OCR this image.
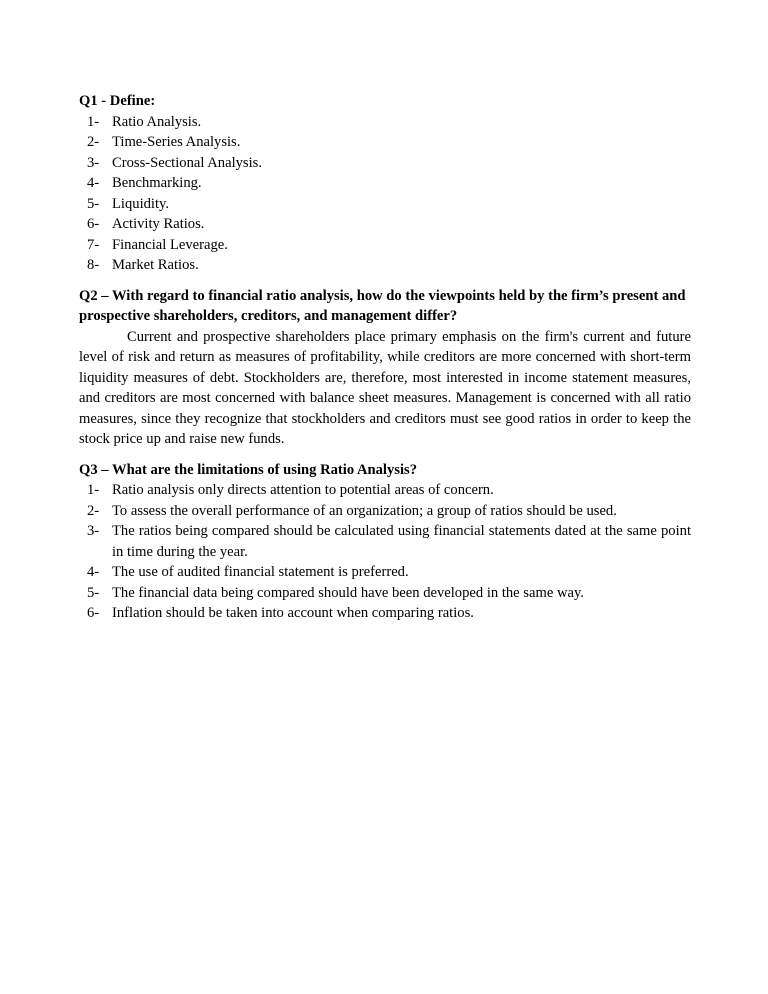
Q1 - Define:

1- Ratio Analysis.
2- Time-Series Analysis.
3- Cross-Sectional Analysis.
4- Benchmarking.
5- Liquidity.
6- Activity Ratios.
7- Financial Leverage.
8- Market Ratios.

Q2 – With regard to financial ratio analysis, how do the viewpoints held by the firm’s present and prospective shareholders, creditors, and management differ?

Current and prospective shareholders place primary emphasis on the firm's current and future level of risk and return as measures of profitability, while creditors are more concerned with short-term liquidity measures of debt. Stockholders are, therefore, most interested in income statement measures, and creditors are most concerned with balance sheet measures. Management is concerned with all ratio measures, since they recognize that stockholders and creditors must see good ratios in order to keep the stock price up and raise new funds.

Q3 – What are the limitations of using Ratio Analysis?

1- Ratio analysis only directs attention to potential areas of concern.
2- To assess the overall performance of an organization; a group of ratios should be used.
3- The ratios being compared should be calculated using financial statements dated at the same point in time during the year.
4- The use of audited financial statement is preferred.
5- The financial data being compared should have been developed in the same way.
6- Inflation should be taken into account when comparing ratios.
